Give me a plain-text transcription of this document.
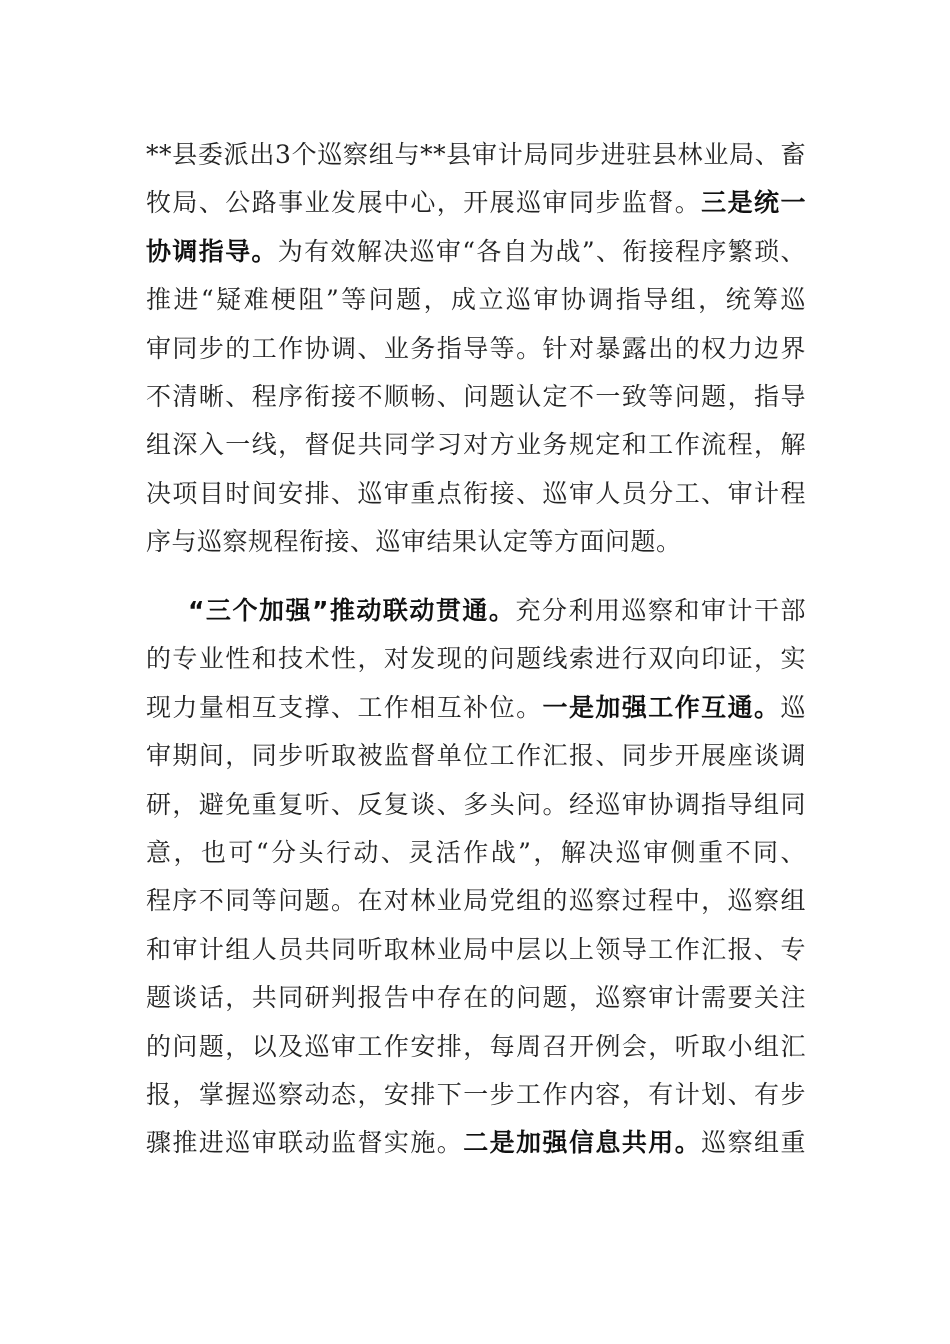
**县委派出3个巡察组与**县审计局同步进驻县林业局、畜
牧局、公路事业发展中心，开展巡审同步监督。三是统一
协调指导。为有效解决巡审“各自为战”、衔接程序繁琐、
推进“疑难梗阻”等问题，成立巡审协调指导组，统筹巡
审同步的工作协调、业务指导等。针对暴露出的权力边界
不清晰、程序衔接不顺畅、问题认定不一致等问题，指导
组深入一线，督促共同学习对方业务规定和工作流程，解
决项目时间安排、巡审重点衔接、巡审人员分工、审计程
序与巡察规程衔接、巡审结果认定等方面问题。
“三个加强”推动联动贯通。充分利用巡察和审计干部
的专业性和技术性，对发现的问题线索进行双向印证，实
现力量相互支撑、工作相互补位。一是加强工作互通。巡
审期间，同步听取被监督单位工作汇报、同步开展座谈调
研，避免重复听、反复谈、多头问。经巡审协调指导组同
意，也可“分头行动、灵活作战”，解决巡审侧重不同、
程序不同等问题。在对林业局党组的巡察过程中，巡察组
和审计组人员共同听取林业局中层以上领导工作汇报、专
题谈话，共同研判报告中存在的问题，巡察审计需要关注
的问题，以及巡审工作安排，每周召开例会，听取小组汇
报，掌握巡察动态，安排下一步工作内容，有计划、有步
骤推进巡审联动监督实施。二是加强信息共用。巡察组重
